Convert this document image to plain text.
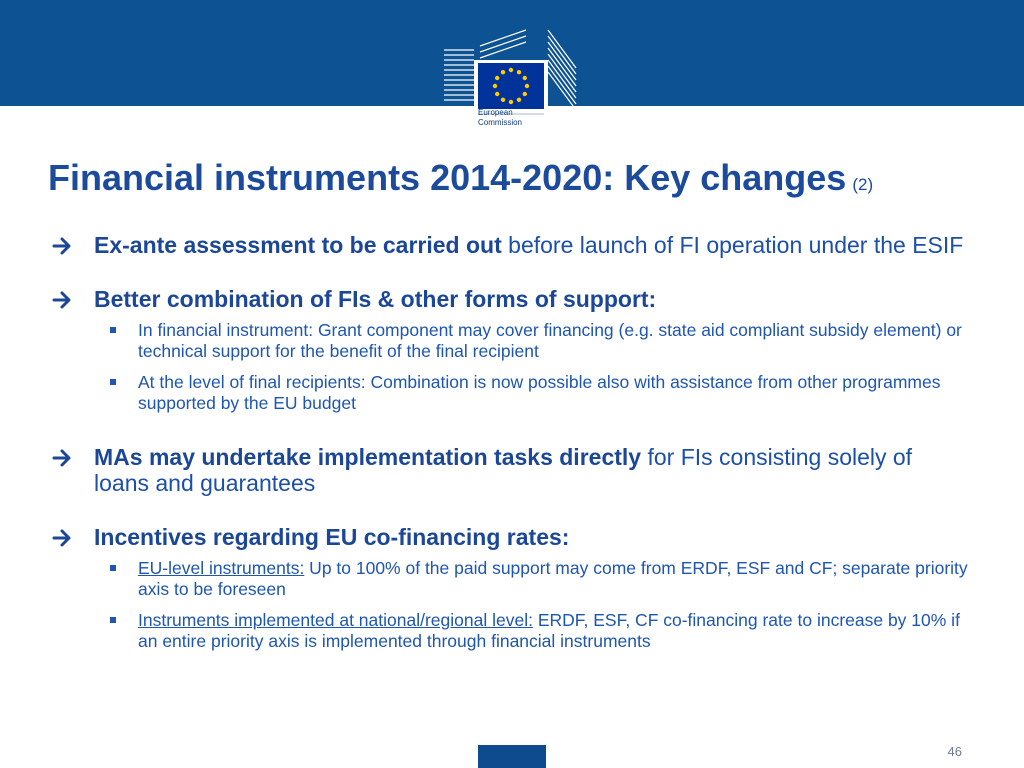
European
Commission
Financial instruments 2014-2020: Key changes (2)
Ex-ante assessment to be carried out before launch of FI operation under the ESIF
Better combination of FIs & other forms of support:
In financial instrument: Grant component may cover financing (e.g. state aid compliant subsidy element) or technical support for the benefit of the final recipient
At the level of final recipients: Combination is now possible also with assistance from other programmes supported by the EU budget
MAs may undertake implementation tasks directly for FIs consisting solely of loans and guarantees
Incentives regarding EU co-financing rates:
EU-level instruments: Up to 100% of the paid support may come from ERDF, ESF and CF; separate priority axis to be foreseen
Instruments implemented at national/regional level: ERDF, ESF, CF co-financing rate to increase by 10% if an entire priority axis is implemented through financial instruments
46
